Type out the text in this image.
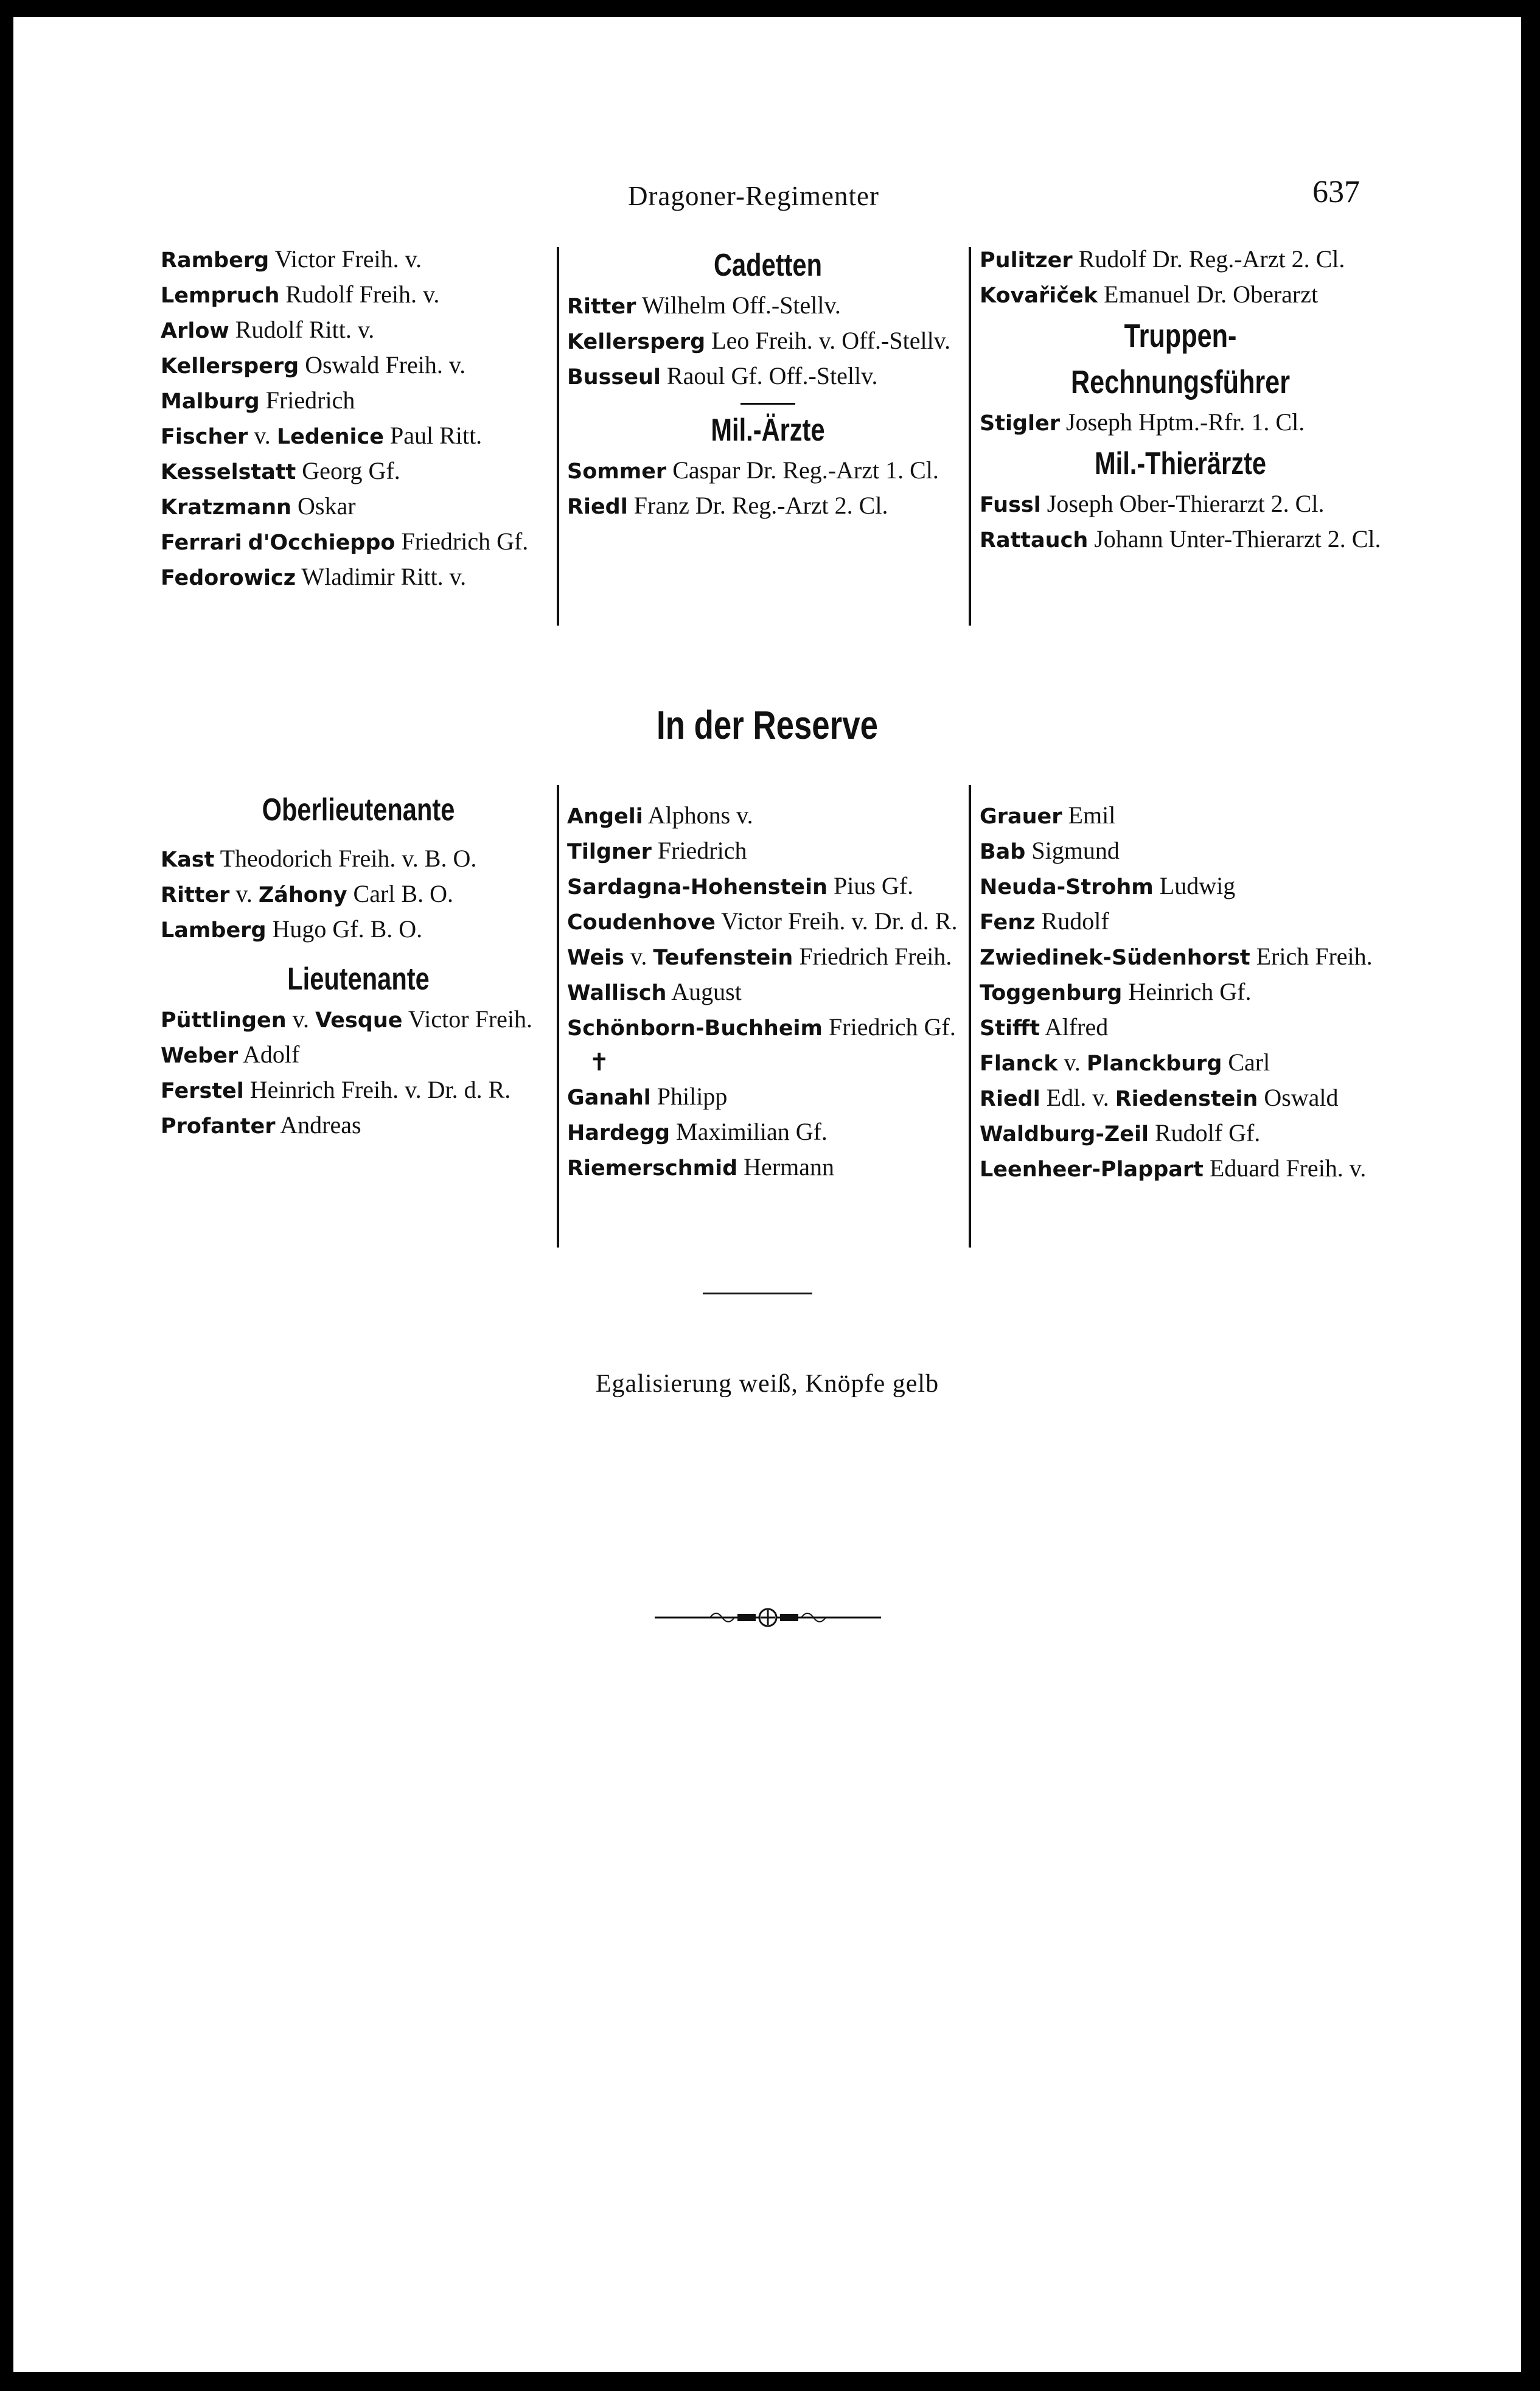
Dragoner-Regimenter	637
Ramberg Victor Freih. v.
Lempruch Rudolf Freih. v.
Arlow Rudolf Ritt. v.
Kellersperg Oswald Freih. v.
Malburg Friedrich
Fischer v. Ledenice Paul Ritt.
Kesselstatt Georg Gf.
Kratzmann Oskar
Ferrari d'Occhieppo Friedrich Gf.
Fedorowicz Wladimir Ritt. v.
Cadetten
Ritter Wilhelm Off.-Stellv.
Kellersperg Leo Freih. v. Off.-Stellv.
Busseul Raoul Gf. Off.-Stellv.
Mil.-Ärzte
Sommer Caspar Dr. Reg.-Arzt 1. Cl.
Riedl Franz Dr. Reg.-Arzt 2. Cl.
Pulitzer Rudolf Dr. Reg.-Arzt 2. Cl.
Kovařiček Emanuel Dr. Oberarzt
Truppen-Rechnungsführer
Stigler Joseph Hptm.-Rfr. 1. Cl.
Mil.-Thierärzte
Fussl Joseph Ober-Thierarzt 2. Cl.
Rattauch Johann Unter-Thierarzt 2. Cl.
In der Reserve
Oberlieutenante
Kast Theodorich Freih. v. B. O.
Ritter v. Záhony Carl B. O.
Lamberg Hugo Gf. B. O.
Lieutenante
Püttlingen v. Vesque Victor Freih.
Weber Adolf
Ferstel Heinrich Freih. v. Dr. d. R.
Profanter Andreas
Angeli Alphons v.
Tilgner Friedrich
Sardagna-Hohenstein Pius Gf.
Coudenhove Victor Freih. v. Dr. d. R.
Weis v. Teufenstein Friedrich Freih.
Wallisch August
Schönborn-Buchheim Friedrich Gf. ✝
Ganahl Philipp
Hardegg Maximilian Gf.
Riemerschmid Hermann
Grauer Emil
Bab Sigmund
Neuda-Strohm Ludwig
Fenz Rudolf
Zwiedinek-Südenhorst Erich Freih.
Toggenburg Heinrich Gf.
Stifft Alfred
Flanck v. Planckburg Carl
Riedl Edl. v. Riedenstein Oswald
Waldburg-Zeil Rudolf Gf.
Leenheer-Plappart Eduard Freih. v.
Egalisierung weiß, Knöpfe gelb
